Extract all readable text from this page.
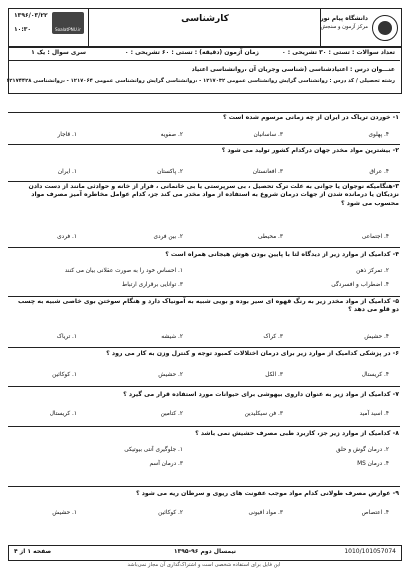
۱۳۹۶/۰۳/۲۲
۱۰:۳۰	SoalatPNU.ir
کارشناسی	دانشگاه پیام نور
مرکز آزمون و سنجش
تعداد سوالات : تستی : ۳۰ تشریحی : ۰
زمان آزمون (دقیقه) : تستی : ۶۰ تشریحی : ۰
سری سوال : یک ۱
عنـــوان درس : اعتیادشناسی (شناسی وجریان آن ،روانشناسی اعتیاد
رشته تحصیلی / کد درس : روانشناسی گرایش روانشناسی عمومی ۱۲۱۷۰۳۲ - ،روانشناسی گرایش روانشناسی عمومی ۱۲۱۷۰۶۴ - ،روانشناسی ۱۲۱۷۴۴۲۸
۱- خوردن تریاک در ایران از چه زمانی مرسوم شده است ؟
۱. قاجار	۲. صفویه	۳. ساسانیان	۴. پهلوی
۲- بیشترین مواد مخدر جهان درکدام کشور تولید می شود ؟
۱. ایران	۲. پاکستان	۳. افغانستان	۴. عراق
۳-هنگامیکه نوجوان یا جوانی به علت ترک تحصیل ، بی سرپرستی یا بی خانمانی ، فرار از خانه و حوادثی مانند از دست دادن نزدیکان یا درمانده شدن از جهات درمان شروع به استفاده از مواد مخدر می کند جز، کدام عوامل مخاطره آمیز مصرف مواد محسوب می شود ؟
۱. فردی	۲. بین فردی	۳. محیطی	۴. اجتماعی
۴- کدامیک از موارد زیر از دیدگاه لتا با پایین بودن هوش هیجانی همراه است ؟
۱. احساس خود را به صورت عقلانی بیان می کنند	۲. تمرکز ذهن
۳. توانایی برقراری ارتباط	۴. اضطراب و افسردگی
۵- کدامیک از مواد مخدر زیر به رنگ قهوه ای سیر بوده و بویی شبیه به آمونیاک دارد و هنگام سوختن بوی خاصی شبیه به چسب دو قلو می دهد ؟
۱. تریاک	۲. شیشه	۳. کراک	۴. حشیش
۶- در پزشکی کدامیک از موارد زیر برای درمان اختلالات کمبود توجه و کنترل وزن به کار می رود ؟
۱. کوکائین	۲. حشیش	۳. الکل	۴. کریستال
۷- کدامیک از مواد زیر به عنوان داروی بیهوشی برای حیوانات مورد استفاده قرار می گیرد ؟
۱. کریستال	۲. کتامین	۳. فن سیکلیدین	۴. اسید آمید
۸- کدامیک از موارد زیر جز، کاربرد طبی مصرف حشیش نمی باشد ؟
۱. جلوگیری آنتی بیوتیکی	۲. درمان گوش و حلق
۳. درمان آسم	۴. درمان MS
۹- عوارض مصرف طولانی کدام مواد موجب عفونت های ریوی و سرطان ریه می شود ؟
۱. حشیش	۲. کوکائین	۳. مواد افیونی	۴. اعتصاص
صفحه ۱ از ۴	نیمسال دوم ۹۶-۱۳۹۵	1010/101057074
این فایل برای استفاده شخصی است و اشتراک‌گذاری آن مجاز نمی‌باشد
